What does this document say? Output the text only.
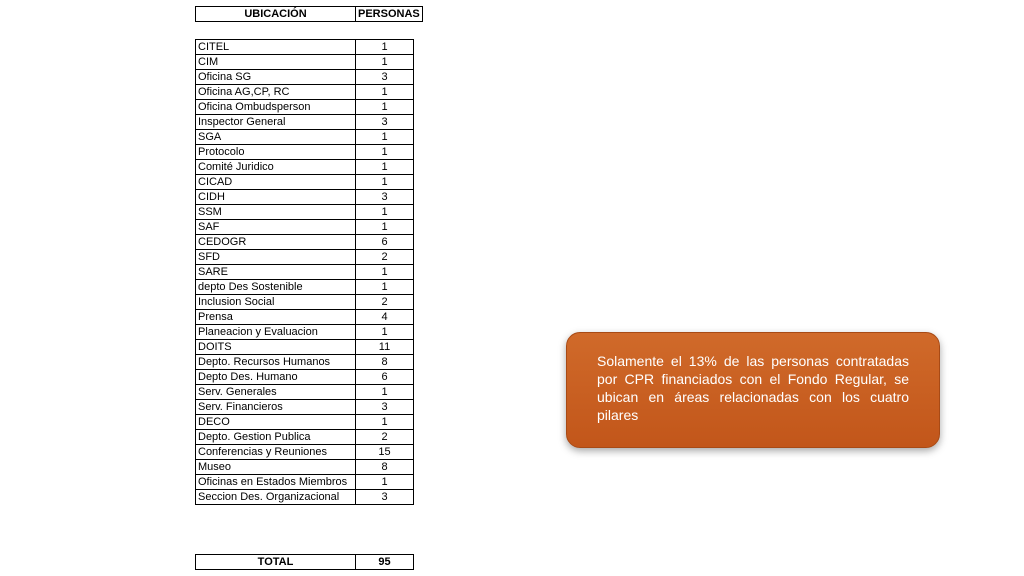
UBICACIÓN	PERSONAS
CITEL	1
CIM	1
Oficina SG	3
Oficina AG,CP, RC	1
Oficina Ombudsperson	1
Inspector General	3
SGA	1
Protocolo	1
Comité Juridico	1
CICAD	1
CIDH	3
SSM	1
SAF	1
CEDOGR	6
SFD	2
SARE	1
depto Des Sostenible	1
Inclusion Social	2
Prensa	4
Planeacion y Evaluacion	1
DOITS	11
Depto. Recursos Humanos	8
Depto Des. Humano	6
Serv. Generales	1
Serv. Financieros	3
DECO	1
Depto. Gestion Publica	2
Conferencias y Reuniones	15
Museo	8
Oficinas en Estados Miembros	1
Seccion Des. Organizacional	3
TOTAL	95

Solamente el 13% de las personas contratadas por CPR financiados con el Fondo Regular, se ubican en áreas relacionadas con los cuatro pilares
